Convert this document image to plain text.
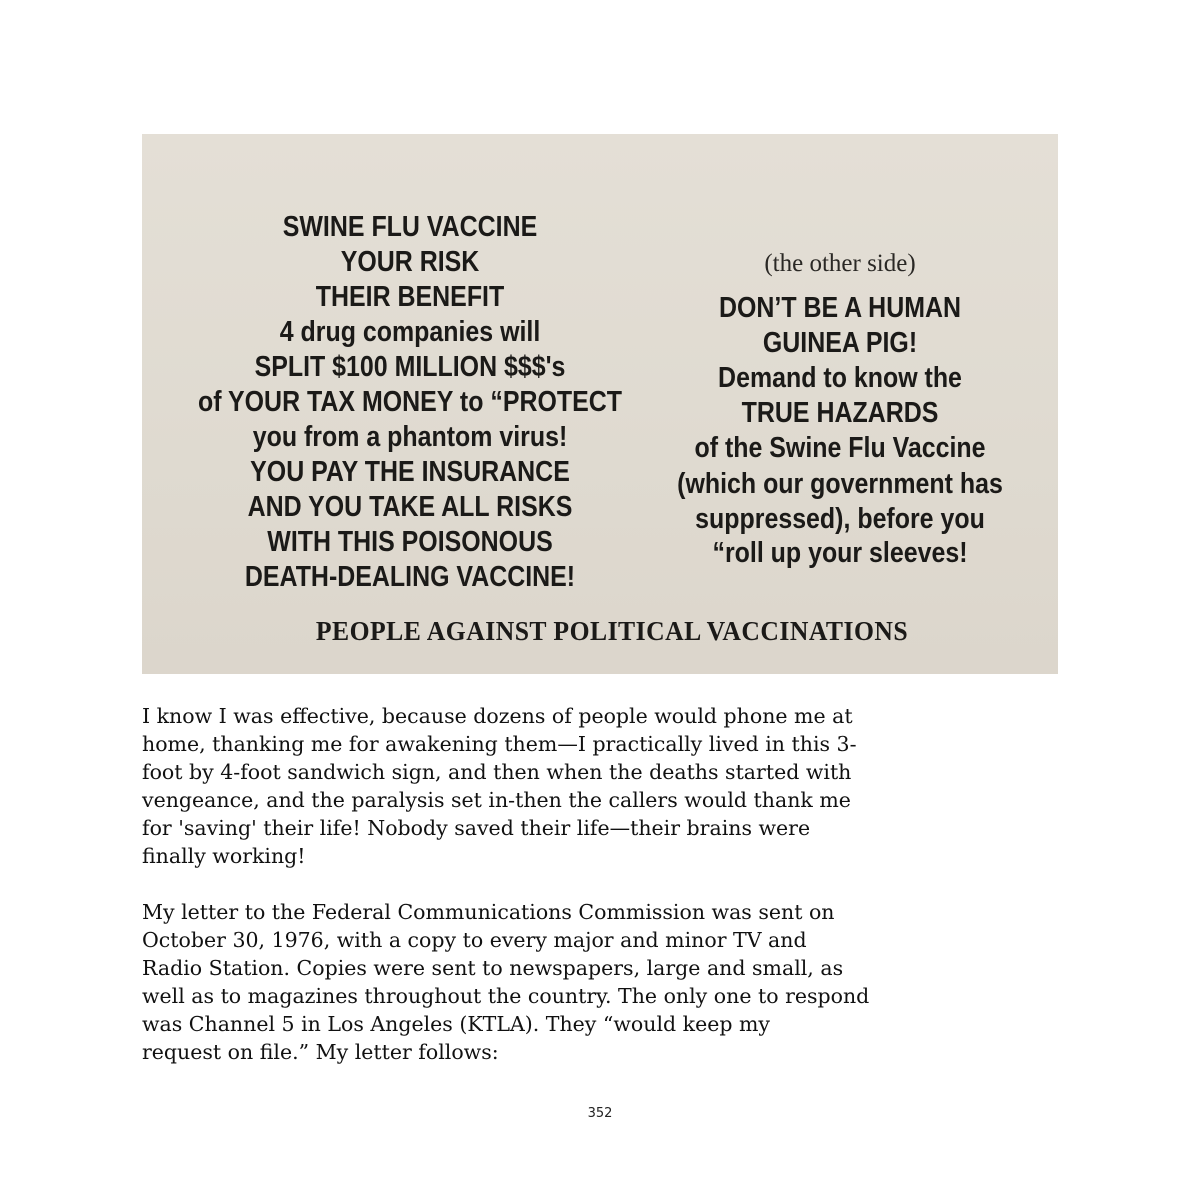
SWINE FLU VACCINE
YOUR RISK
THEIR BENEFIT
4 drug companies will
SPLIT $100 MILLION $$$'s
of YOUR TAX MONEY to “PROTECT
you from a phantom virus!
YOU PAY THE INSURANCE
AND YOU TAKE ALL RISKS
WITH THIS POISONOUS
DEATH-DEALING VACCINE!
(the other side)
DON’T BE A HUMAN
GUINEA PIG!
Demand to know the
TRUE HAZARDS
of the Swine Flu Vaccine
(which our government has
suppressed), before you
“roll up your sleeves!
PEOPLE AGAINST POLITICAL VACCINATIONS

I know I was effective, because dozens of people would phone me at
home, thanking me for awakening them—I practically lived in this 3-
foot by 4-foot sandwich sign, and then when the deaths started with
vengeance, and the paralysis set in-then the callers would thank me
for 'saving' their life! Nobody saved their life—their brains were
finally working!

My letter to the Federal Communications Commission was sent on
October 30, 1976, with a copy to every major and minor TV and
Radio Station. Copies were sent to newspapers, large and small, as
well as to magazines throughout the country. The only one to respond
was Channel 5 in Los Angeles (KTLA). They “would keep my
request on file.” My letter follows:

352
